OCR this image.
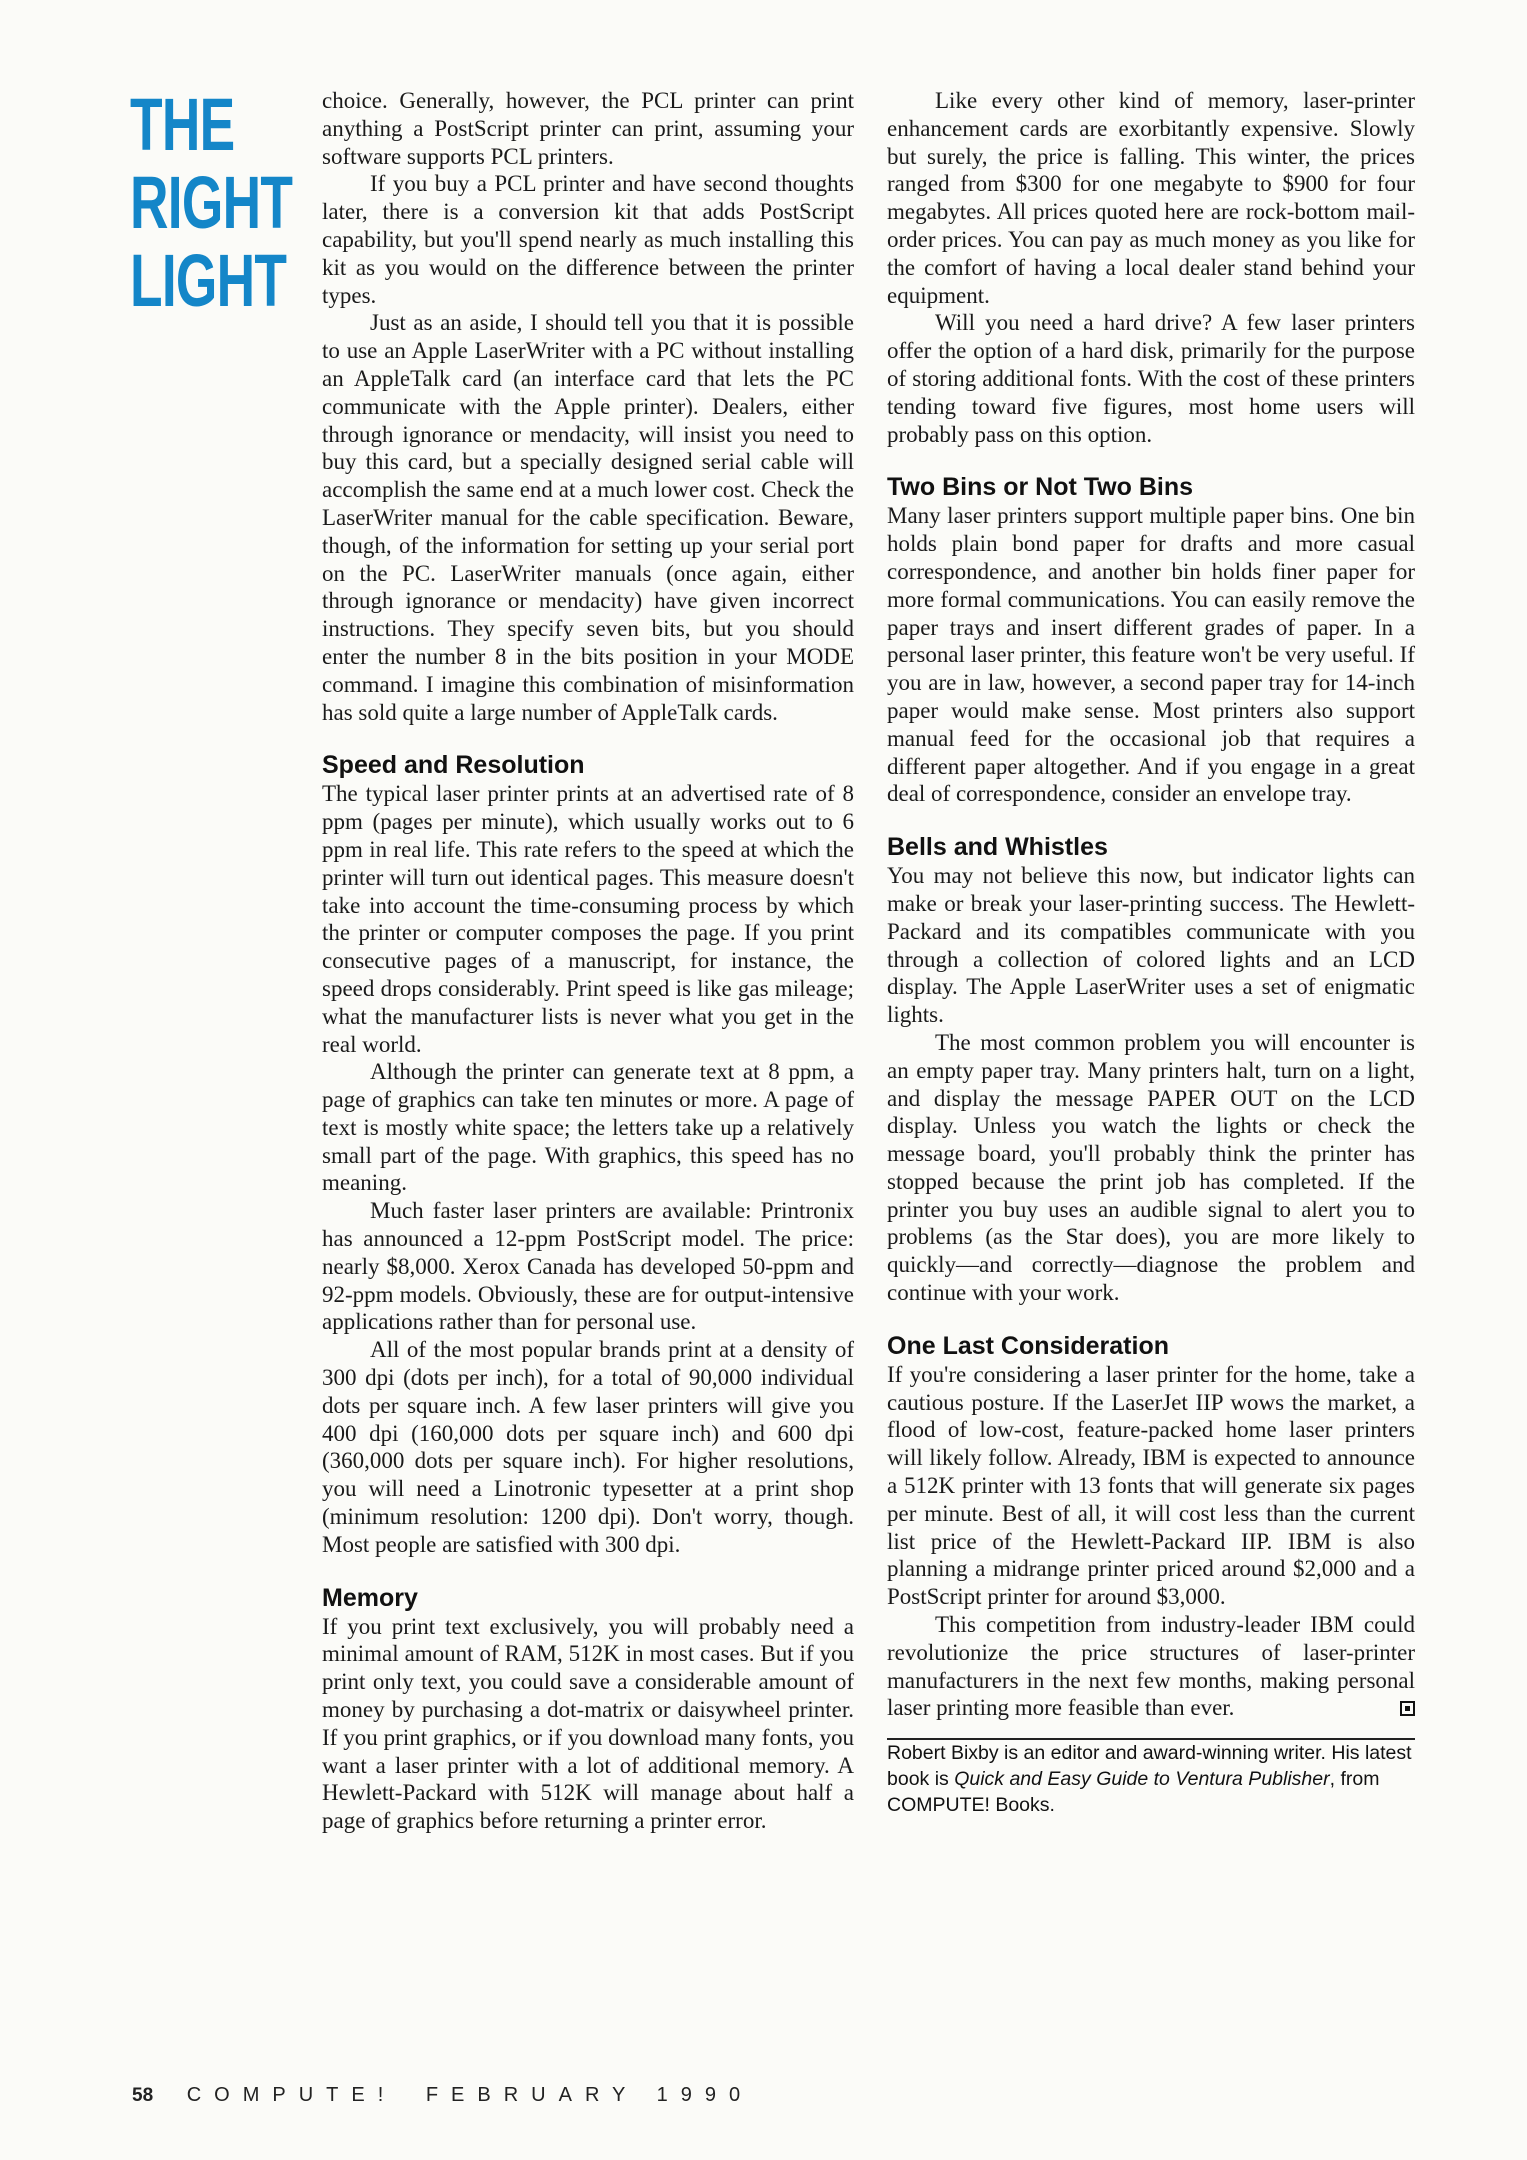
THE
RIGHT
LIGHT

choice. Generally, however, the PCL printer can print anything a PostScript printer can print, assuming your software supports PCL printers.

If you buy a PCL printer and have second thoughts later, there is a conversion kit that adds PostScript capability, but you'll spend nearly as much installing this kit as you would on the difference between the printer types.

Just as an aside, I should tell you that it is possible to use an Apple LaserWriter with a PC without installing an AppleTalk card (an interface card that lets the PC communicate with the Apple printer). Dealers, either through ignorance or mendacity, will insist you need to buy this card, but a specially designed serial cable will accomplish the same end at a much lower cost. Check the LaserWriter manual for the cable specification. Beware, though, of the information for setting up your serial port on the PC. LaserWriter manuals (once again, either through ignorance or mendacity) have given incorrect instructions. They specify seven bits, but you should enter the number 8 in the bits position in your MODE command. I imagine this combination of misinformation has sold quite a large number of AppleTalk cards.

Speed and Resolution

The typical laser printer prints at an advertised rate of 8 ppm (pages per minute), which usually works out to 6 ppm in real life. This rate refers to the speed at which the printer will turn out identical pages. This measure doesn't take into account the time-consuming process by which the printer or computer composes the page. If you print consecutive pages of a manuscript, for instance, the speed drops considerably. Print speed is like gas mileage; what the manufacturer lists is never what you get in the real world.

Although the printer can generate text at 8 ppm, a page of graphics can take ten minutes or more. A page of text is mostly white space; the letters take up a relatively small part of the page. With graphics, this speed has no meaning.

Much faster laser printers are available: Printronix has announced a 12-ppm PostScript model. The price: nearly $8,000. Xerox Canada has developed 50-ppm and 92-ppm models. Obviously, these are for output-intensive applications rather than for personal use.

All of the most popular brands print at a density of 300 dpi (dots per inch), for a total of 90,000 individual dots per square inch. A few laser printers will give you 400 dpi (160,000 dots per square inch) and 600 dpi (360,000 dots per square inch). For higher resolutions, you will need a Linotronic typesetter at a print shop (minimum resolution: 1200 dpi). Don't worry, though. Most people are satisfied with 300 dpi.

Memory

If you print text exclusively, you will probably need a minimal amount of RAM, 512K in most cases. But if you print only text, you could save a considerable amount of money by purchasing a dot-matrix or daisywheel printer. If you print graphics, or if you download many fonts, you want a laser printer with a lot of additional memory. A Hewlett-Packard with 512K will manage about half a page of graphics before returning a printer error.

Like every other kind of memory, laser-printer enhancement cards are exorbitantly expensive. Slowly but surely, the price is falling. This winter, the prices ranged from $300 for one megabyte to $900 for four megabytes. All prices quoted here are rock-bottom mail-order prices. You can pay as much money as you like for the comfort of having a local dealer stand behind your equipment.

Will you need a hard drive? A few laser printers offer the option of a hard disk, primarily for the purpose of storing additional fonts. With the cost of these printers tending toward five figures, most home users will probably pass on this option.

Two Bins or Not Two Bins

Many laser printers support multiple paper bins. One bin holds plain bond paper for drafts and more casual correspondence, and another bin holds finer paper for more formal communications. You can easily remove the paper trays and insert different grades of paper. In a personal laser printer, this feature won't be very useful. If you are in law, however, a second paper tray for 14-inch paper would make sense. Most printers also support manual feed for the occasional job that requires a different paper altogether. And if you engage in a great deal of correspondence, consider an envelope tray.

Bells and Whistles

You may not believe this now, but indicator lights can make or break your laser-printing success. The Hewlett-Packard and its compatibles communicate with you through a collection of colored lights and an LCD display. The Apple LaserWriter uses a set of enigmatic lights.

The most common problem you will encounter is an empty paper tray. Many printers halt, turn on a light, and display the message PAPER OUT on the LCD display. Unless you watch the lights or check the message board, you'll probably think the printer has stopped because the print job has completed. If the printer you buy uses an audible signal to alert you to problems (as the Star does), you are more likely to quickly—and correctly—diagnose the problem and continue with your work.

One Last Consideration

If you're considering a laser printer for the home, take a cautious posture. If the LaserJet IIP wows the market, a flood of low-cost, feature-packed home laser printers will likely follow. Already, IBM is expected to announce a 512K printer with 13 fonts that will generate six pages per minute. Best of all, it will cost less than the current list price of the Hewlett-Packard IIP. IBM is also planning a midrange printer priced around $2,000 and a PostScript printer for around $3,000.

This competition from industry-leader IBM could revolutionize the price structures of laser-printer manufacturers in the next few months, making personal laser printing more feasible than ever.

Robert Bixby is an editor and award-winning writer. His latest book is Quick and Easy Guide to Ventura Publisher, from COMPUTE! Books.

58 COMPUTE! FEBRUARY 1990
